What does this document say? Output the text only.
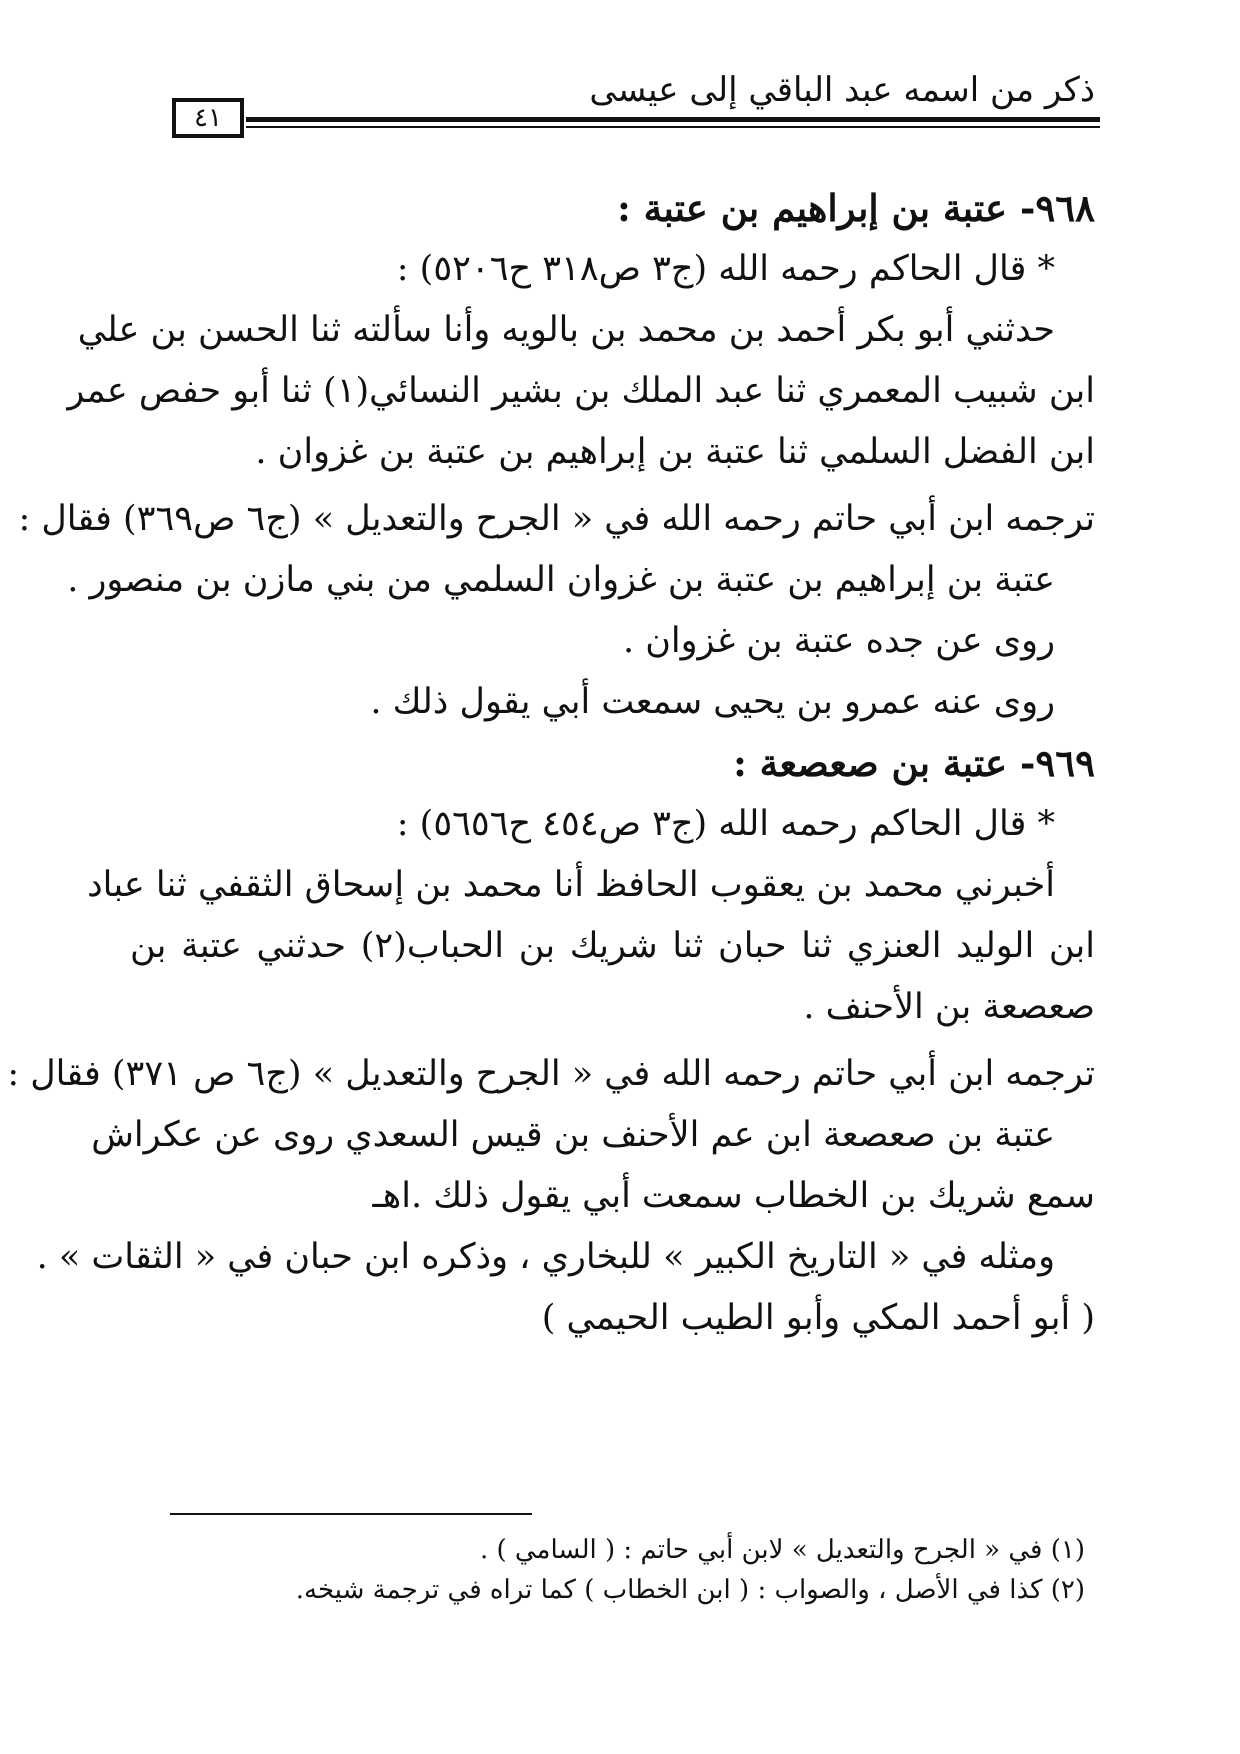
ذكر من اسمه عبد الباقي إلى عيسى
٤١
٩٦٨- عتبة بن إبراهيم بن عتبة :
* قال الحاكم رحمه الله (ج٣ ص٣١٨ ح٥٢٠٦) :
حدثني أبو بكر أحمد بن محمد بن بالويه وأنا سألته ثنا الحسن بن علي
ابن شبيب المعمري ثنا عبد الملك بن بشير النسائي(١) ثنا أبو حفص عمر
ابن الفضل السلمي ثنا عتبة بن إبراهيم بن عتبة بن غزوان .
ترجمه ابن أبي حاتم رحمه الله في « الجرح والتعديل » (ج٦ ص٣٦٩) فقال :
عتبة بن إبراهيم بن عتبة بن غزوان السلمي من بني مازن بن منصور .
روى عن جده عتبة بن غزوان .
روى عنه عمرو بن يحيى سمعت أبي يقول ذلك .
٩٦٩- عتبة بن صعصعة :
* قال الحاكم رحمه الله (ج٣ ص٤٥٤ ح٥٦٥٦) :
أخبرني محمد بن يعقوب الحافظ أنا محمد بن إسحاق الثقفي ثنا عباد
ابن الوليد العنزي ثنا حبان ثنا شريك بن الحباب(٢) حدثني عتبة بن
صعصعة بن الأحنف .
ترجمه ابن أبي حاتم رحمه الله في « الجرح والتعديل » (ج٦ ص ٣٧١) فقال :
عتبة بن صعصعة ابن عم الأحنف بن قيس السعدي روى عن عكراش
سمع شريك بن الخطاب سمعت أبي يقول ذلك .اهـ
ومثله في « التاريخ الكبير » للبخاري ، وذكره ابن حبان في « الثقات » .
( أبو أحمد المكي وأبو الطيب الحيمي )
(١) في « الجرح والتعديل » لابن أبي حاتم : ( السامي ) .
(٢) كذا في الأصل ، والصواب : ( ابن الخطاب ) كما تراه في ترجمة شيخه.
